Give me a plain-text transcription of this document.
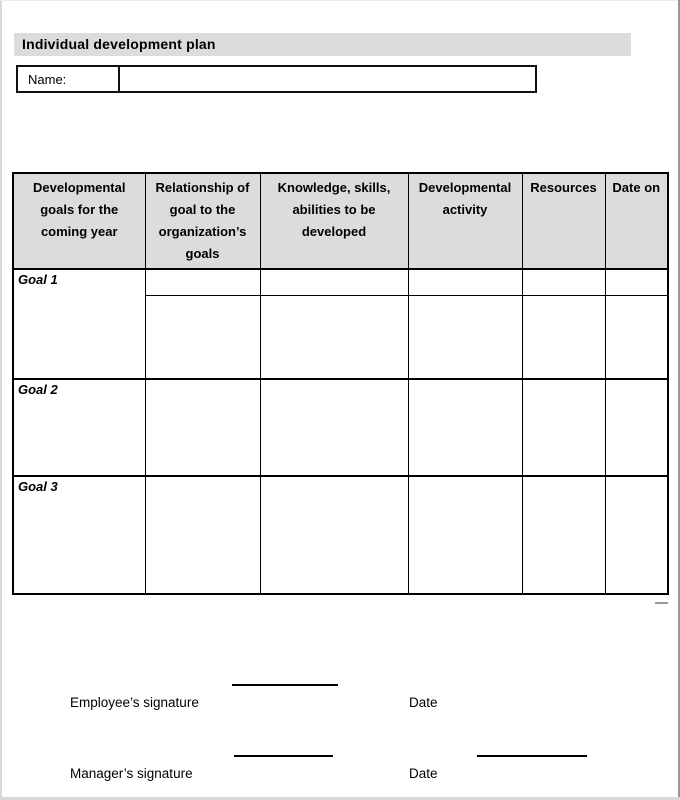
Individual development plan
Name:
Developmental goals for the coming year	Relationship of goal to the organization’s goals	Knowledge, skills, abilities to be developed	Developmental activity	Resources	Date on
Goal 1					

Goal 2					
Goal 3					
Employee’s signature	Date
Manager’s signature	Date
